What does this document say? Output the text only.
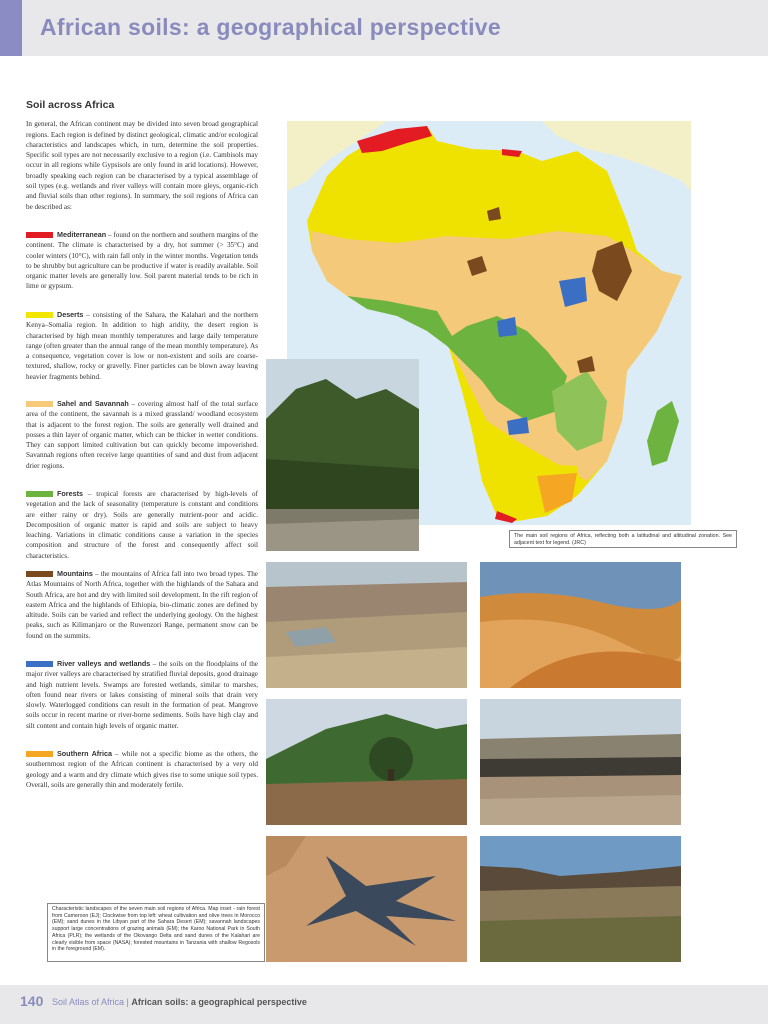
African soils: a geographical perspective
Soil across Africa

In general, the African continent may be divided into seven broad geographical regions. Each region is defined by distinct geological, climatic and/or ecological characteristics and landscapes which, in turn, determine the soil properties. Specific soil types are not necessarily exclusive to a region (i.e. Cambisols may occur in all regions while Gypsisols are only found in arid locations). However, broadly speaking each region can be characterised by a typical assemblage of soil types (e.g. wetlands and river valleys will contain more gleys, organic-rich and fluvial soils than other regions). In summary, the soil regions of Africa can be described as:

Mediterranean – found on the northern and southern margins of the continent. The climate is characterised by a dry, hot summer (> 35°C) and cooler winters (10°C), with rain fall only in the winter months. Vegetation tends to be shrubby but agriculture can be productive if water is readily available. Soil organic matter levels are generally low. Soil parent material tends to be rich in lime or gypsum.

Deserts – consisting of the Sahara, the Kalahari and the northern Kenya–Somalia region. In addition to high aridity, the desert region is characterised by high mean monthly temperatures and large daily temperature range (often greater than the annual range of the mean monthly temperature). As a consequence, vegetation cover is low or non-existent and soils are coarse-textured, shallow, rocky or gravelly. Finer particles can be blown away leaving heavier fragments behind.

Sahel and Savannah – covering almost half of the total surface area of the continent, the savannah is a mixed grassland/ woodland ecosystem that is adjacent to the forest region. The soils are generally well drained and posses a thin layer of organic matter, which can be thicker in wetter conditions. They can support limited cultivation but can quickly become impoverished. Savannah regions often receive large quantities of sand and dust from adjacent drier regions.

Forests – tropical forests are characterised by high-levels of vegetation and the lack of seasonality (temperature is constant and conditions are either rainy or dry). Soils are generally nutrient-poor and acidic. Decomposition of organic matter is rapid and soils are subject to heavy leaching. Variations in climatic conditions cause a variation in the species composition and structure of the forest and consequently affect soil characteristics.

Mountains – the mountains of Africa fall into two broad types. The Atlas Mountains of North Africa, together with the highlands of the Sahara and South Africa, are hot and dry with limited soil development. In the rift region of eastern Africa and the highlands of Ethiopia, bio-climatic zones are defined by altitude. Soils can be varied and reflect the underlying geology. On the highest peaks, such as Kilimanjaro or the Ruwenzori Range, permanent snow can be found on the summits.

River valleys and wetlands – the soils on the floodplains of the major river valleys are characterised by stratified fluvial deposits, good drainage and high nutrient levels. Swamps are forested wetlands, similar to marshes, often found near rivers or lakes consisting of mineral soils that drain very slowly. Waterlogged conditions can result in the formation of peat. Mangrove soils occur in recent marine or river-borne sediments. Soils have high clay and silt content and contain high levels of organic matter.

Southern Africa – while not a specific biome as the others, the southernmost region of the African continent is characterised by a very old geology and a warm and dry climate which gives rise to some unique soil types. Overall, soils are generally thin and moderately fertile.

The main soil regions of Africa, reflecting both a latitudinal and altitudinal zonation. See adjacent text for legend. (JRC)
Characteristic landscapes of the seven main soil regions of Africa. Map inset - rain forest from Cameroon (EJ); Clockwise from top left: wheat cultivation and olive trees in Morocco (EM); sand dunes in the Libyan part of the Sahara Desert (EM); savannah landscapes support large concentrations of grazing animals (EM); the Karoo National Park in South Africa (PLR); the wetlands of the Okovango Delta and sand dunes of the Kalahari are clearly visible from space (NASA); forested mountains in Tanzania with shallow Regosols in the foreground (EM).
140 Soil Atlas of Africa | African soils: a geographical perspective
